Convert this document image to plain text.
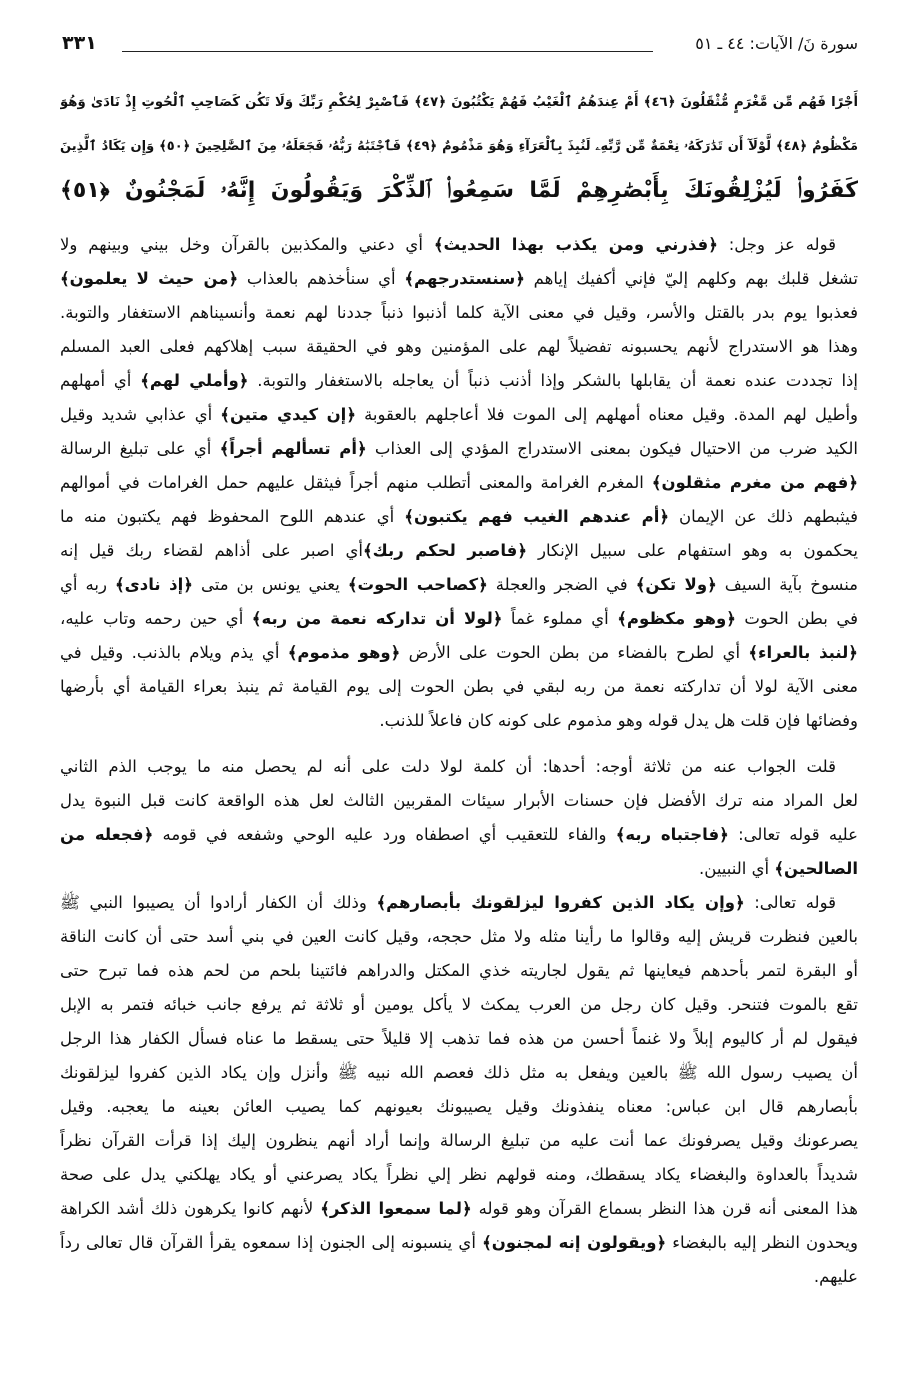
سورة نَ/ الآيات: ٤٤ ـ ٥١
٣٣١
أَجْرًا فَهُم مِّن مَّغْرَمٍ مُّثْقَلُونَ ﴿٤٦﴾ أَمْ عِندَهُمُ ٱلْغَيْبُ فَهُمْ يَكْتُبُونَ ﴿٤٧﴾ فَٱصْبِرْ لِحُكْمِ رَبِّكَ وَلَا تَكُن كَصَاحِبِ ٱلْحُوتِ إِذْ نَادَىٰ وَهُوَ
مَكْظُومٌ ﴿٤٨﴾ لَّوْلَآ أَن تَدَٰرَكَهُۥ نِعْمَةٌ مِّن رَّبِّهِۦ لَنُبِذَ بِٱلْعَرَآءِ وَهُوَ مَذْمُومٌ ﴿٤٩﴾ فَٱجْتَبَٰهُ رَبُّهُۥ فَجَعَلَهُۥ مِنَ ٱلصَّٰلِحِينَ ﴿٥٠﴾ وَإِن يَكَادُ ٱلَّذِينَ
كَفَرُوا۟ لَيُزْلِقُونَكَ بِأَبْصَٰرِهِمْ لَمَّا سَمِعُوا۟ ٱلذِّكْرَ وَيَقُولُونَ إِنَّهُۥ لَمَجْنُونٌ ﴿٥١﴾
قوله عز وجل: ﴿فذرني ومن يكذب بهذا الحديث﴾ أي دعني والمكذبين بالقرآن وخل بيني وبينهم ولا
تشغل قلبك بهم وكلهم إليّ فإني أكفيك إياهم ﴿سنستدرجهم﴾ أي سنأخذهم بالعذاب ﴿من حيث لا يعلمون﴾
فعذبوا يوم بدر بالقتل والأسر، وقيل في معنى الآية كلما أذنبوا ذنباً جددنا لهم نعمة وأنسيناهم الاستغفار والتوبة.
وهذا هو الاستدراج لأنهم يحسبونه تفضيلاً لهم على المؤمنين وهو في الحقيقة سبب إهلاكهم فعلى العبد المسلم
إذا تجددت عنده نعمة أن يقابلها بالشكر وإذا أذنب ذنباً أن يعاجله بالاستغفار والتوبة. ﴿وأملي لهم﴾ أي أمهلهم
وأطيل لهم المدة. وقيل معناه أمهلهم إلى الموت فلا أعاجلهم بالعقوبة ﴿إن كيدي متين﴾ أي عذابي شديد وقيل
الكيد ضرب من الاحتيال فيكون بمعنى الاستدراج المؤدي إلى العذاب ﴿أم تسألهم أجراً﴾ أي على تبليغ الرسالة
﴿فهم من مغرم مثقلون﴾ المغرم الغرامة والمعنى أتطلب منهم أجراً فيثقل عليهم حمل الغرامات في أموالهم
فيثبطهم ذلك عن الإيمان ﴿أم عندهم الغيب فهم يكتبون﴾ أي عندهم اللوح المحفوظ فهم يكتبون منه ما
يحكمون به وهو استفهام على سبيل الإنكار ﴿فاصبر لحكم ربك﴾أي اصبر على أذاهم لقضاء ربك قيل إنه
منسوخ بآية السيف ﴿ولا تكن﴾ في الضجر والعجلة ﴿كصاحب الحوت﴾ يعني يونس بن متى ﴿إذ نادى﴾ ربه أي
في بطن الحوت ﴿وهو مكظوم﴾ أي مملوء غماً ﴿لولا أن تداركه نعمة من ربه﴾ أي حين رحمه وتاب عليه،
﴿لنبذ بالعراء﴾ أي لطرح بالفضاء من بطن الحوت على الأرض ﴿وهو مذموم﴾ أي يذم ويلام بالذنب. وقيل في
معنى الآية لولا أن تداركته نعمة من ربه لبقي في بطن الحوت إلى يوم القيامة ثم ينبذ بعراء القيامة أي بأرضها
وفضائها فإن قلت هل يدل قوله وهو مذموم على كونه كان فاعلاً للذنب.
قلت الجواب عنه من ثلاثة أوجه: أحدها: أن كلمة لولا دلت على أنه لم يحصل منه ما يوجب الذم الثاني
لعل المراد منه ترك الأفضل فإن حسنات الأبرار سيئات المقربين الثالث لعل هذه الواقعة كانت قبل النبوة يدل
عليه قوله تعالى: ﴿فاجتباه ربه﴾ والفاء للتعقيب أي اصطفاه ورد عليه الوحي وشفعه في قومه ﴿فجعله من
الصالحين﴾ أي النبيين.
قوله تعالى: ﴿وإن يكاد الذين كفروا ليزلقونك بأبصارهم﴾ وذلك أن الكفار أرادوا أن يصيبوا النبي ﷺ
بالعين فنظرت قريش إليه وقالوا ما رأينا مثله ولا مثل حججه، وقيل كانت العين في بني أسد حتى أن كانت الناقة
أو البقرة لتمر بأحدهم فيعاينها ثم يقول لجاريته خذي المكتل والدراهم فائتينا بلحم من لحم هذه فما تبرح حتى
تقع بالموت فتنحر. وقيل كان رجل من العرب يمكث لا يأكل يومين أو ثلاثة ثم يرفع جانب خبائه فتمر به الإبل
فيقول لم أر كاليوم إبلاً ولا غنماً أحسن من هذه فما تذهب إلا قليلاً حتى يسقط ما عناه فسأل الكفار هذا الرجل
أن يصيب رسول الله ﷺ بالعين ويفعل به مثل ذلك فعصم الله نبيه ﷺ وأنزل وإن يكاد الذين كفروا ليزلقونك
بأبصارهم قال ابن عباس: معناه ينفذونك وقيل يصيبونك بعيونهم كما يصيب العائن بعينه ما يعجبه. وقيل
يصرعونك وقيل يصرفونك عما أنت عليه من تبليغ الرسالة وإنما أراد أنهم ينظرون إليك إذا قرأت القرآن نظراً
شديداً بالعداوة والبغضاء يكاد يسقطك، ومنه قولهم نظر إلي نظراً يكاد يصرعني أو يكاد يهلكني يدل على صحة
هذا المعنى أنه قرن هذا النظر بسماع القرآن وهو قوله ﴿لما سمعوا الذكر﴾ لأنهم كانوا يكرهون ذلك أشد الكراهة
ويحدون النظر إليه بالبغضاء ﴿ويقولون إنه لمجنون﴾ أي ينسبونه إلى الجنون إذا سمعوه يقرأ القرآن قال تعالى رداً
عليهم.
